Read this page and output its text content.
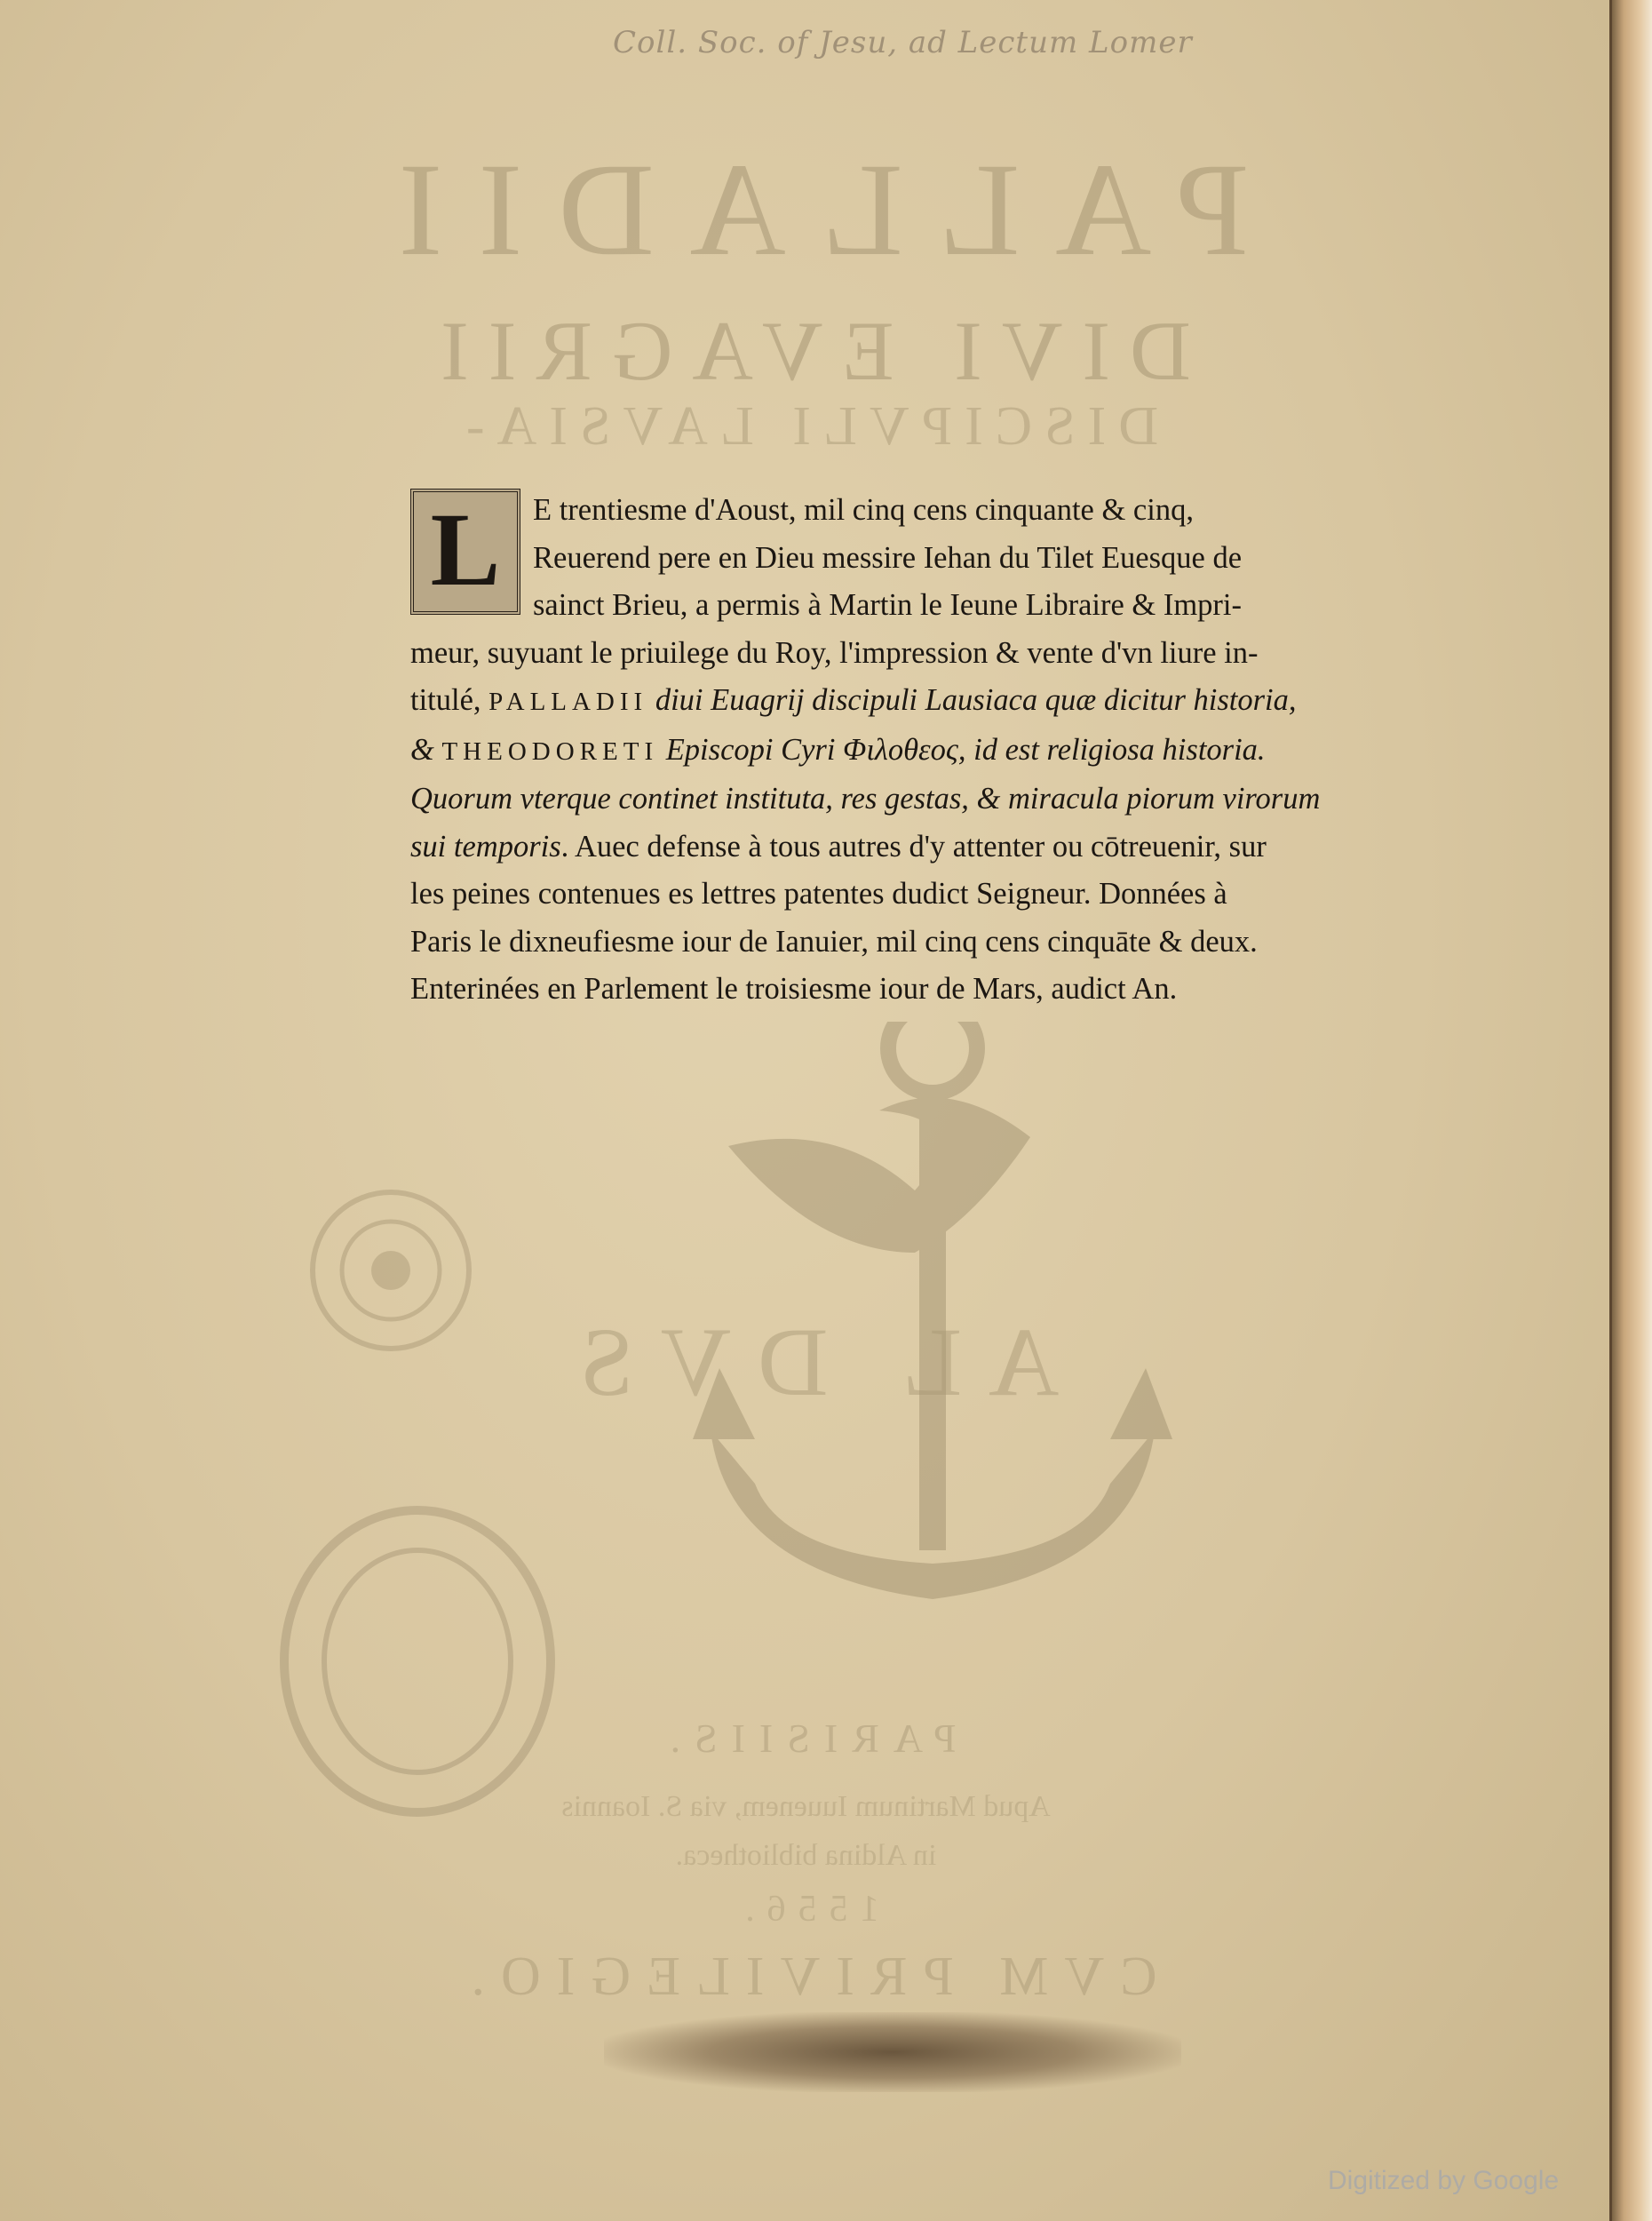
Coll. Soc. of Jesu, ad Lectum Lomer
PALLADII
DIVI EVAGRII
DISCIPVLI LAVSIA-
AL DVS
PARISIIS.
Apud Martinum Iuuenem, via S. Ioannis
in Aldina bibliotheca.
1556.
CVM PRIVILEGIO.
L	E trentiesme d'Aoust, mil cinq cens cinquante & cinq,
Reuerend pere en Dieu messire Iehan du Tilet Euesque de
sainct Brieu, a permis à Martin le Ieune Libraire & Impri-
meur, suyuant le priuilege du Roy, l'impression & vente d'vn liure in-
titulé, PALLADII diui Euagrij discipuli Lausiaca quæ dicitur historia,
& THEODORETI Episcopi Cyri Φιλοθεος, id est religiosa historia.
Quorum vterque continet instituta, res gestas, & miracula piorum virorum
sui temporis. Auec defense à tous autres d'y attenter ou cōtreuenir, sur
les peines contenues es lettres patentes dudict Seigneur. Données à
Paris le dixneufiesme iour de Ianuier, mil cinq cens cinquāte & deux.
Enterinées en Parlement le troisiesme iour de Mars, audict An.
Digitized by Google
